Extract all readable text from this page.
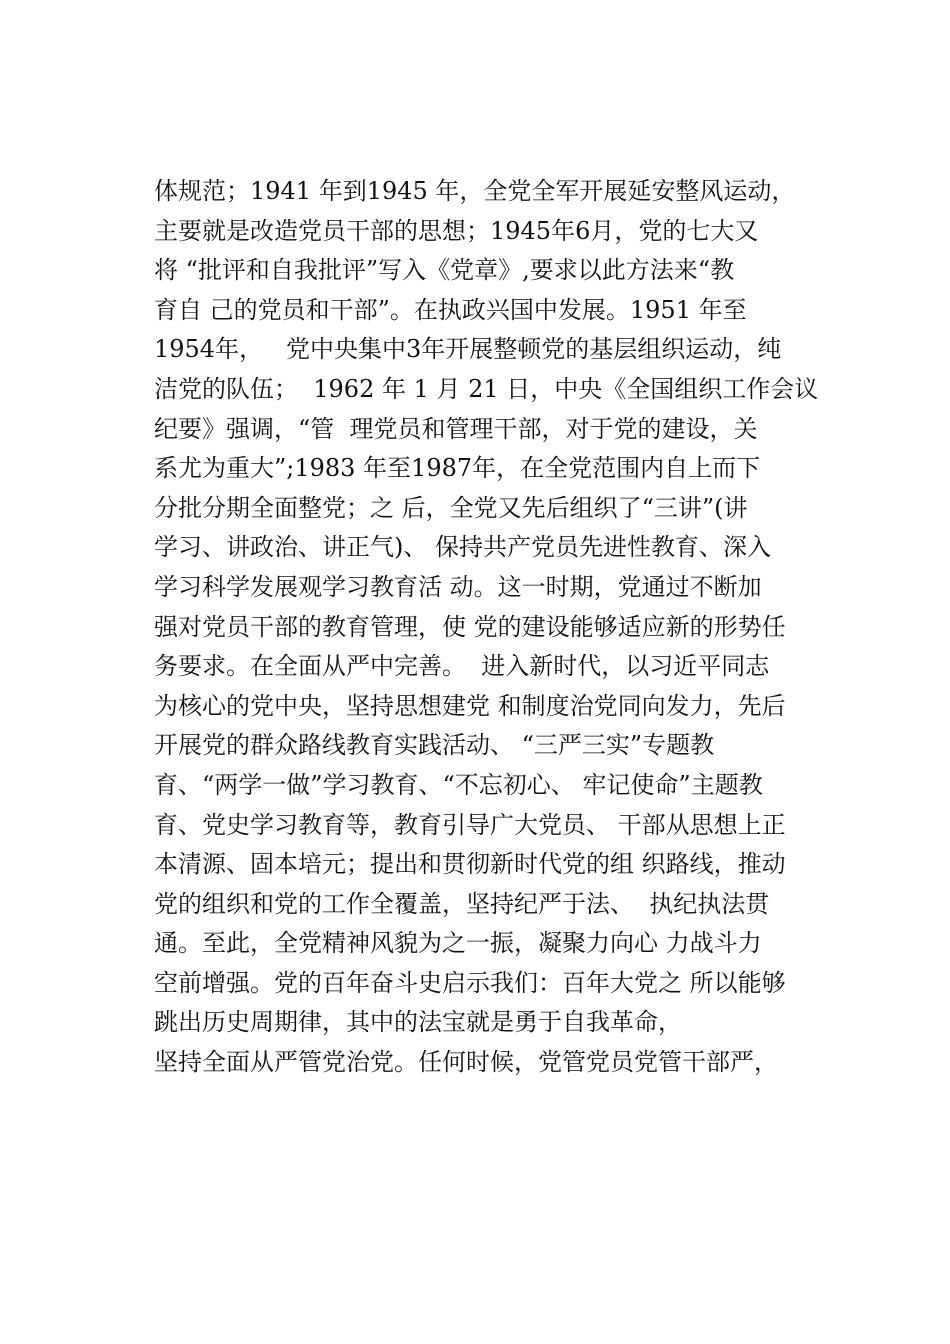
体规范；1941 年到1945 年，全党全军开展延安整风运动，
主要就是改造党员干部的思想；1945年6月，党的七大又
将 “批评和自我批评”写入《党章》,要求以此方法来“教
育自 己的党员和干部”。在执政兴国中发展。1951 年至
1954年，   党中央集中3年开展整顿党的基层组织运动，纯
洁党的队伍；  1962 年 1 月 21 日，中央《全国组织工作会议
纪要》强调，“管  理党员和管理干部，对于党的建设，关
系尤为重大”;1983 年至1987年，在全党范围内自上而下
分批分期全面整党；之 后，全党又先后组织了“三讲”(讲
学习、讲政治、讲正气)、 保持共产党员先进性教育、深入
学习科学发展观学习教育活 动。这一时期，党通过不断加
强对党员干部的教育管理，使 党的建设能够适应新的形势任
务要求。在全面从严中完善。  进入新时代，以习近平同志
为核心的党中央，坚持思想建党 和制度治党同向发力，先后
开展党的群众路线教育实践活动、 “三严三实”专题教
育、“两学一做”学习教育、“不忘初心、 牢记使命”主题教
育、党史学习教育等，教育引导广大党员、 干部从思想上正
本清源、固本培元；提出和贯彻新时代党的组 织路线，推动
党的组织和党的工作全覆盖，坚持纪严于法、  执纪执法贯
通。至此，全党精神风貌为之一振，凝聚力向心 力战斗力
空前增强。党的百年奋斗史启示我们：百年大党之 所以能够
跳出历史周期律，其中的法宝就是勇于自我革命，
坚持全面从严管党治党。任何时候，党管党员党管干部严，
